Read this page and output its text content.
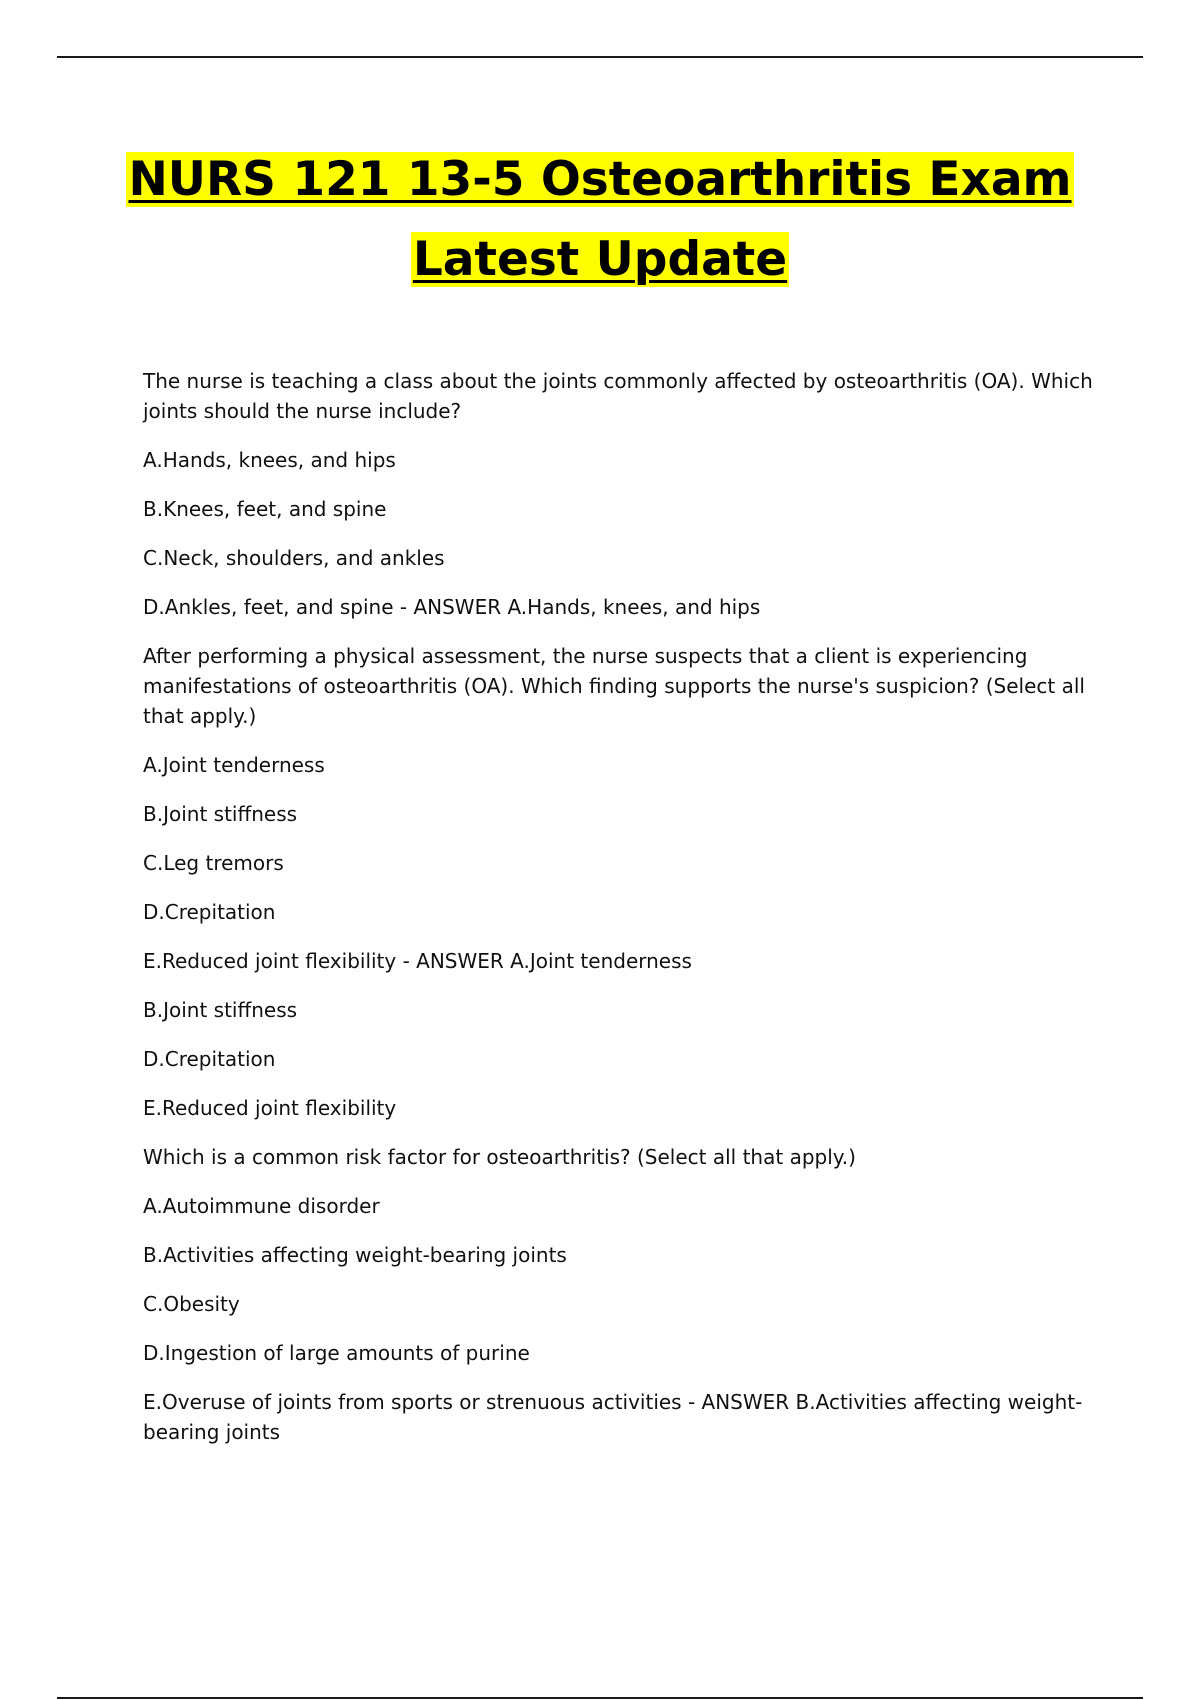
NURS 121 13-5 Osteoarthritis Exam
Latest Update

The nurse is teaching a class about the joints commonly affected by osteoarthritis (OA). Which joints should the nurse include?

A.Hands, knees, and hips

B.Knees, feet, and spine

C.Neck, shoulders, and ankles

D.Ankles, feet, and spine - ANSWER A.Hands, knees, and hips

After performing a physical assessment, the nurse suspects that a client is experiencing manifestations of osteoarthritis (OA). Which finding supports the nurse's suspicion? (Select all that apply.)

A.Joint tenderness

B.Joint stiffness

C.Leg tremors

D.Crepitation

E.Reduced joint flexibility - ANSWER A.Joint tenderness

B.Joint stiffness

D.Crepitation

E.Reduced joint flexibility

Which is a common risk factor for osteoarthritis? (Select all that apply.)

A.Autoimmune disorder

B.Activities affecting weight-bearing joints

C.Obesity

D.Ingestion of large amounts of purine

E.Overuse of joints from sports or strenuous activities - ANSWER B.Activities affecting weight-bearing joints
